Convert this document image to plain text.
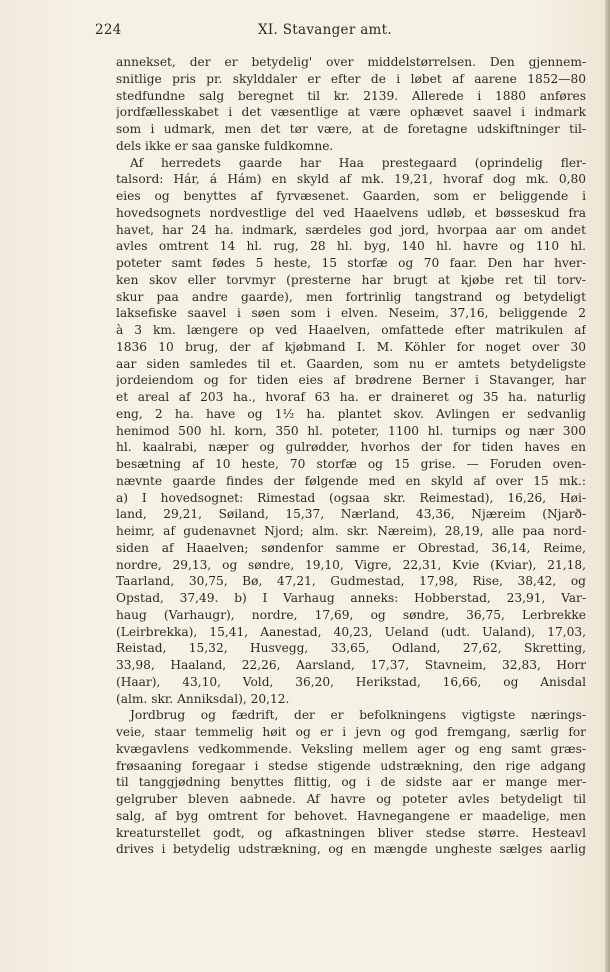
224	XI. Stavanger amt.
annekset, der er betydelig' over middelstørrelsen. Den gjennem-
snitlige pris pr. skylddaler er efter de i løbet af aarene 1852—80
stedfundne salg beregnet til kr. 2139. Allerede i 1880 anføres
jordfællesskabet i det væsentlige at være ophævet saavel i indmark
som i udmark, men det tør være, at de foretagne udskiftninger til-
dels ikke er saa ganske fuldkomne.
Af herredets gaarde har Haa prestegaard (oprindelig fler-
talsord: Hár, á Hám) en skyld af mk. 19,21, hvoraf dog mk. 0,80
eies og benyttes af fyrvæsenet. Gaarden, som er beliggende i
hovedsognets nordvestlige del ved Haaelvens udløb, et bøsseskud fra
havet, har 24 ha. indmark, særdeles god jord, hvorpaa aar om andet
avles omtrent 14 hl. rug, 28 hl. byg, 140 hl. havre og 110 hl.
poteter samt fødes 5 heste, 15 storfæ og 70 faar. Den har hver-
ken skov eller torvmyr (presterne har brugt at kjøbe ret til torv-
skur paa andre gaarde), men fortrinlig tangstrand og betydeligt
laksefiske saavel i søen som i elven. Neseim, 37,16, beliggende 2
à 3 km. længere op ved Haaelven, omfattede efter matrikulen af
1836 10 brug, der af kjøbmand I. M. Köhler for noget over 30
aar siden samledes til et. Gaarden, som nu er amtets betydeligste
jordeiendom og for tiden eies af brødrene Berner i Stavanger, har
et areal af 203 ha., hvoraf 63 ha. er draineret og 35 ha. naturlig
eng, 2 ha. have og 1½ ha. plantet skov. Avlingen er sedvanlig
henimod 500 hl. korn, 350 hl. poteter, 1100 hl. turnips og nær 300
hl. kaalrabi, næper og gulrødder, hvorhos der for tiden haves en
besætning af 10 heste, 70 storfæ og 15 grise. — Foruden oven-
nævnte gaarde findes der følgende med en skyld af over 15 mk.:
a) I hovedsognet: Rimestad (ogsaa skr. Reimestad), 16,26, Høi-
land, 29,21, Søiland, 15,37, Nærland, 43,36, Njæreim (Njarð-
heimr, af gudenavnet Njord; alm. skr. Næreim), 28,19, alle paa nord-
siden af Haaelven; søndenfor samme er Obrestad, 36,14, Reime,
nordre, 29,13, og søndre, 19,10, Vigre, 22,31, Kvie (Kviar), 21,18,
Taarland, 30,75, Bø, 47,21, Gudmestad, 17,98, Rise, 38,42, og
Opstad, 37,49. b) I Varhaug anneks: Hobberstad, 23,91, Var-
haug (Varhaugr), nordre, 17,69, og søndre, 36,75, Lerbrekke
(Leirbrekka), 15,41, Aanestad, 40,23, Ueland (udt. Ualand), 17,03,
Reistad, 15,32, Husvegg, 33,65, Odland, 27,62, Skretting,
33,98, Haaland, 22,26, Aarsland, 17,37, Stavneim, 32,83, Horr
(Haar), 43,10, Vold, 36,20, Herikstad, 16,66, og Anisdal
(alm. skr. Anniksdal), 20,12.
Jordbrug og fædrift, der er befolkningens vigtigste nærings-
veie, staar temmelig høit og er i jevn og god fremgang, særlig for
kvægavlens vedkommende. Veksling mellem ager og eng samt græs-
frøsaaning foregaar i stedse stigende udstrækning, den rige adgang
til tanggjødning benyttes flittig, og i de sidste aar er mange mer-
gelgruber bleven aabnede. Af havre og poteter avles betydeligt til
salg, af byg omtrent for behovet. Havnegangene er maadelige, men
kreaturstellet godt, og afkastningen bliver stedse større. Hesteavl
drives i betydelig udstrækning, og en mængde ungheste sælges aarlig
